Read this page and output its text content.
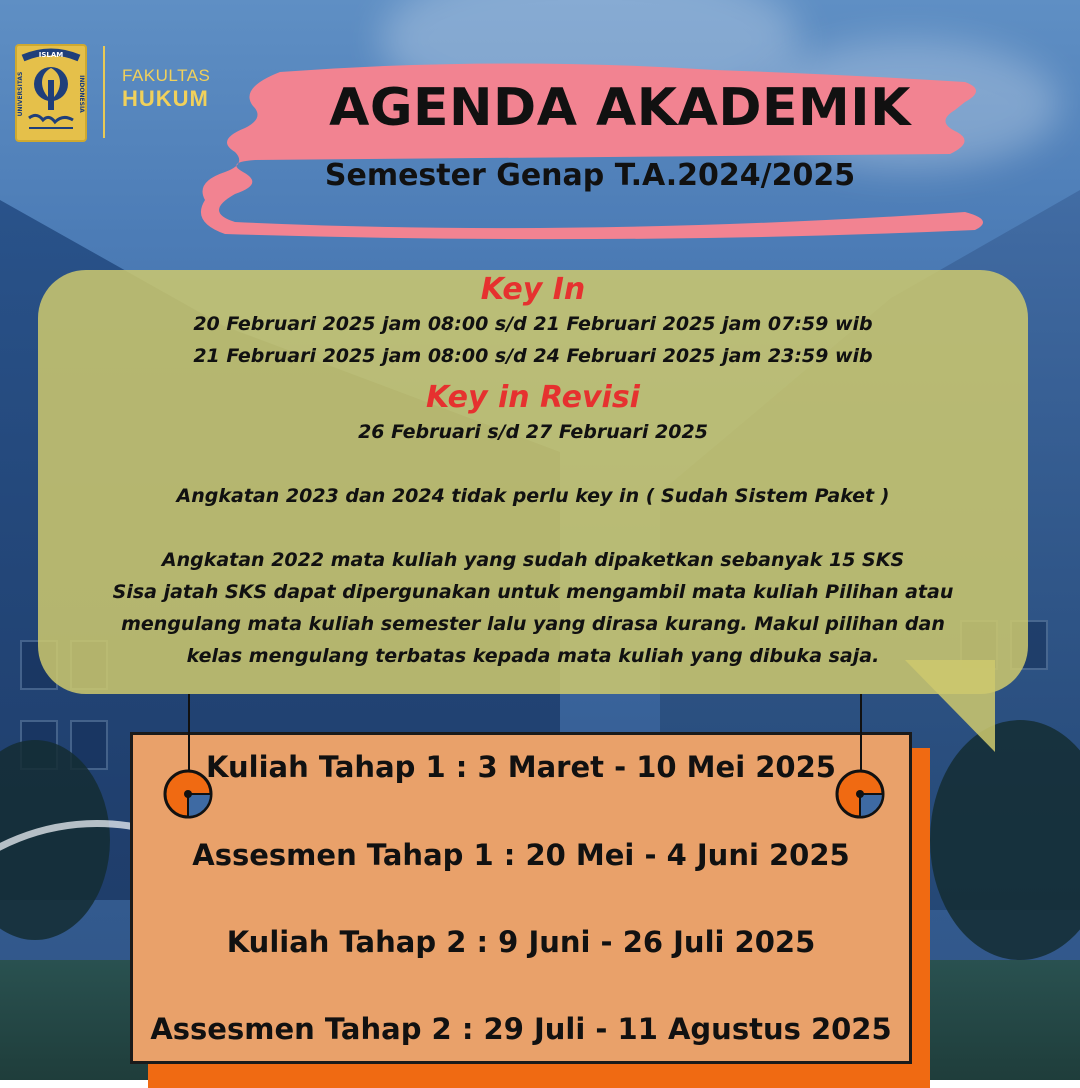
ISLAM
UNIVERSITAS	INDONESIA FAKULTAS
HUKUM	AGENDA AKADEMIK
Semester Genap T.A.2024/2025

Key In

20 Februari 2025 jam 08:00 s/d 21 Februari 2025 jam 07:59 wib

21 Februari 2025 jam 08:00 s/d 24 Februari 2025 jam 23:59 wib

Key in Revisi

26 Februari s/d 27 Februari 2025

Angkatan 2023 dan 2024 tidak perlu key in ( Sudah Sistem Paket )

Angkatan 2022 mata kuliah yang sudah dipaketkan sebanyak 15 SKS

Sisa jatah SKS dapat dipergunakan untuk mengambil mata kuliah Pilihan atau

mengulang mata kuliah semester lalu yang dirasa kurang. Makul pilihan dan

kelas mengulang terbatas kepada mata kuliah yang dibuka saja.

Kuliah Tahap 1 : 3 Maret - 10 Mei 2025
Assesmen Tahap 1 : 20 Mei - 4 Juni 2025
Kuliah Tahap 2 : 9 Juni - 26 Juli 2025
Assesmen Tahap 2 : 29 Juli - 11 Agustus 2025
